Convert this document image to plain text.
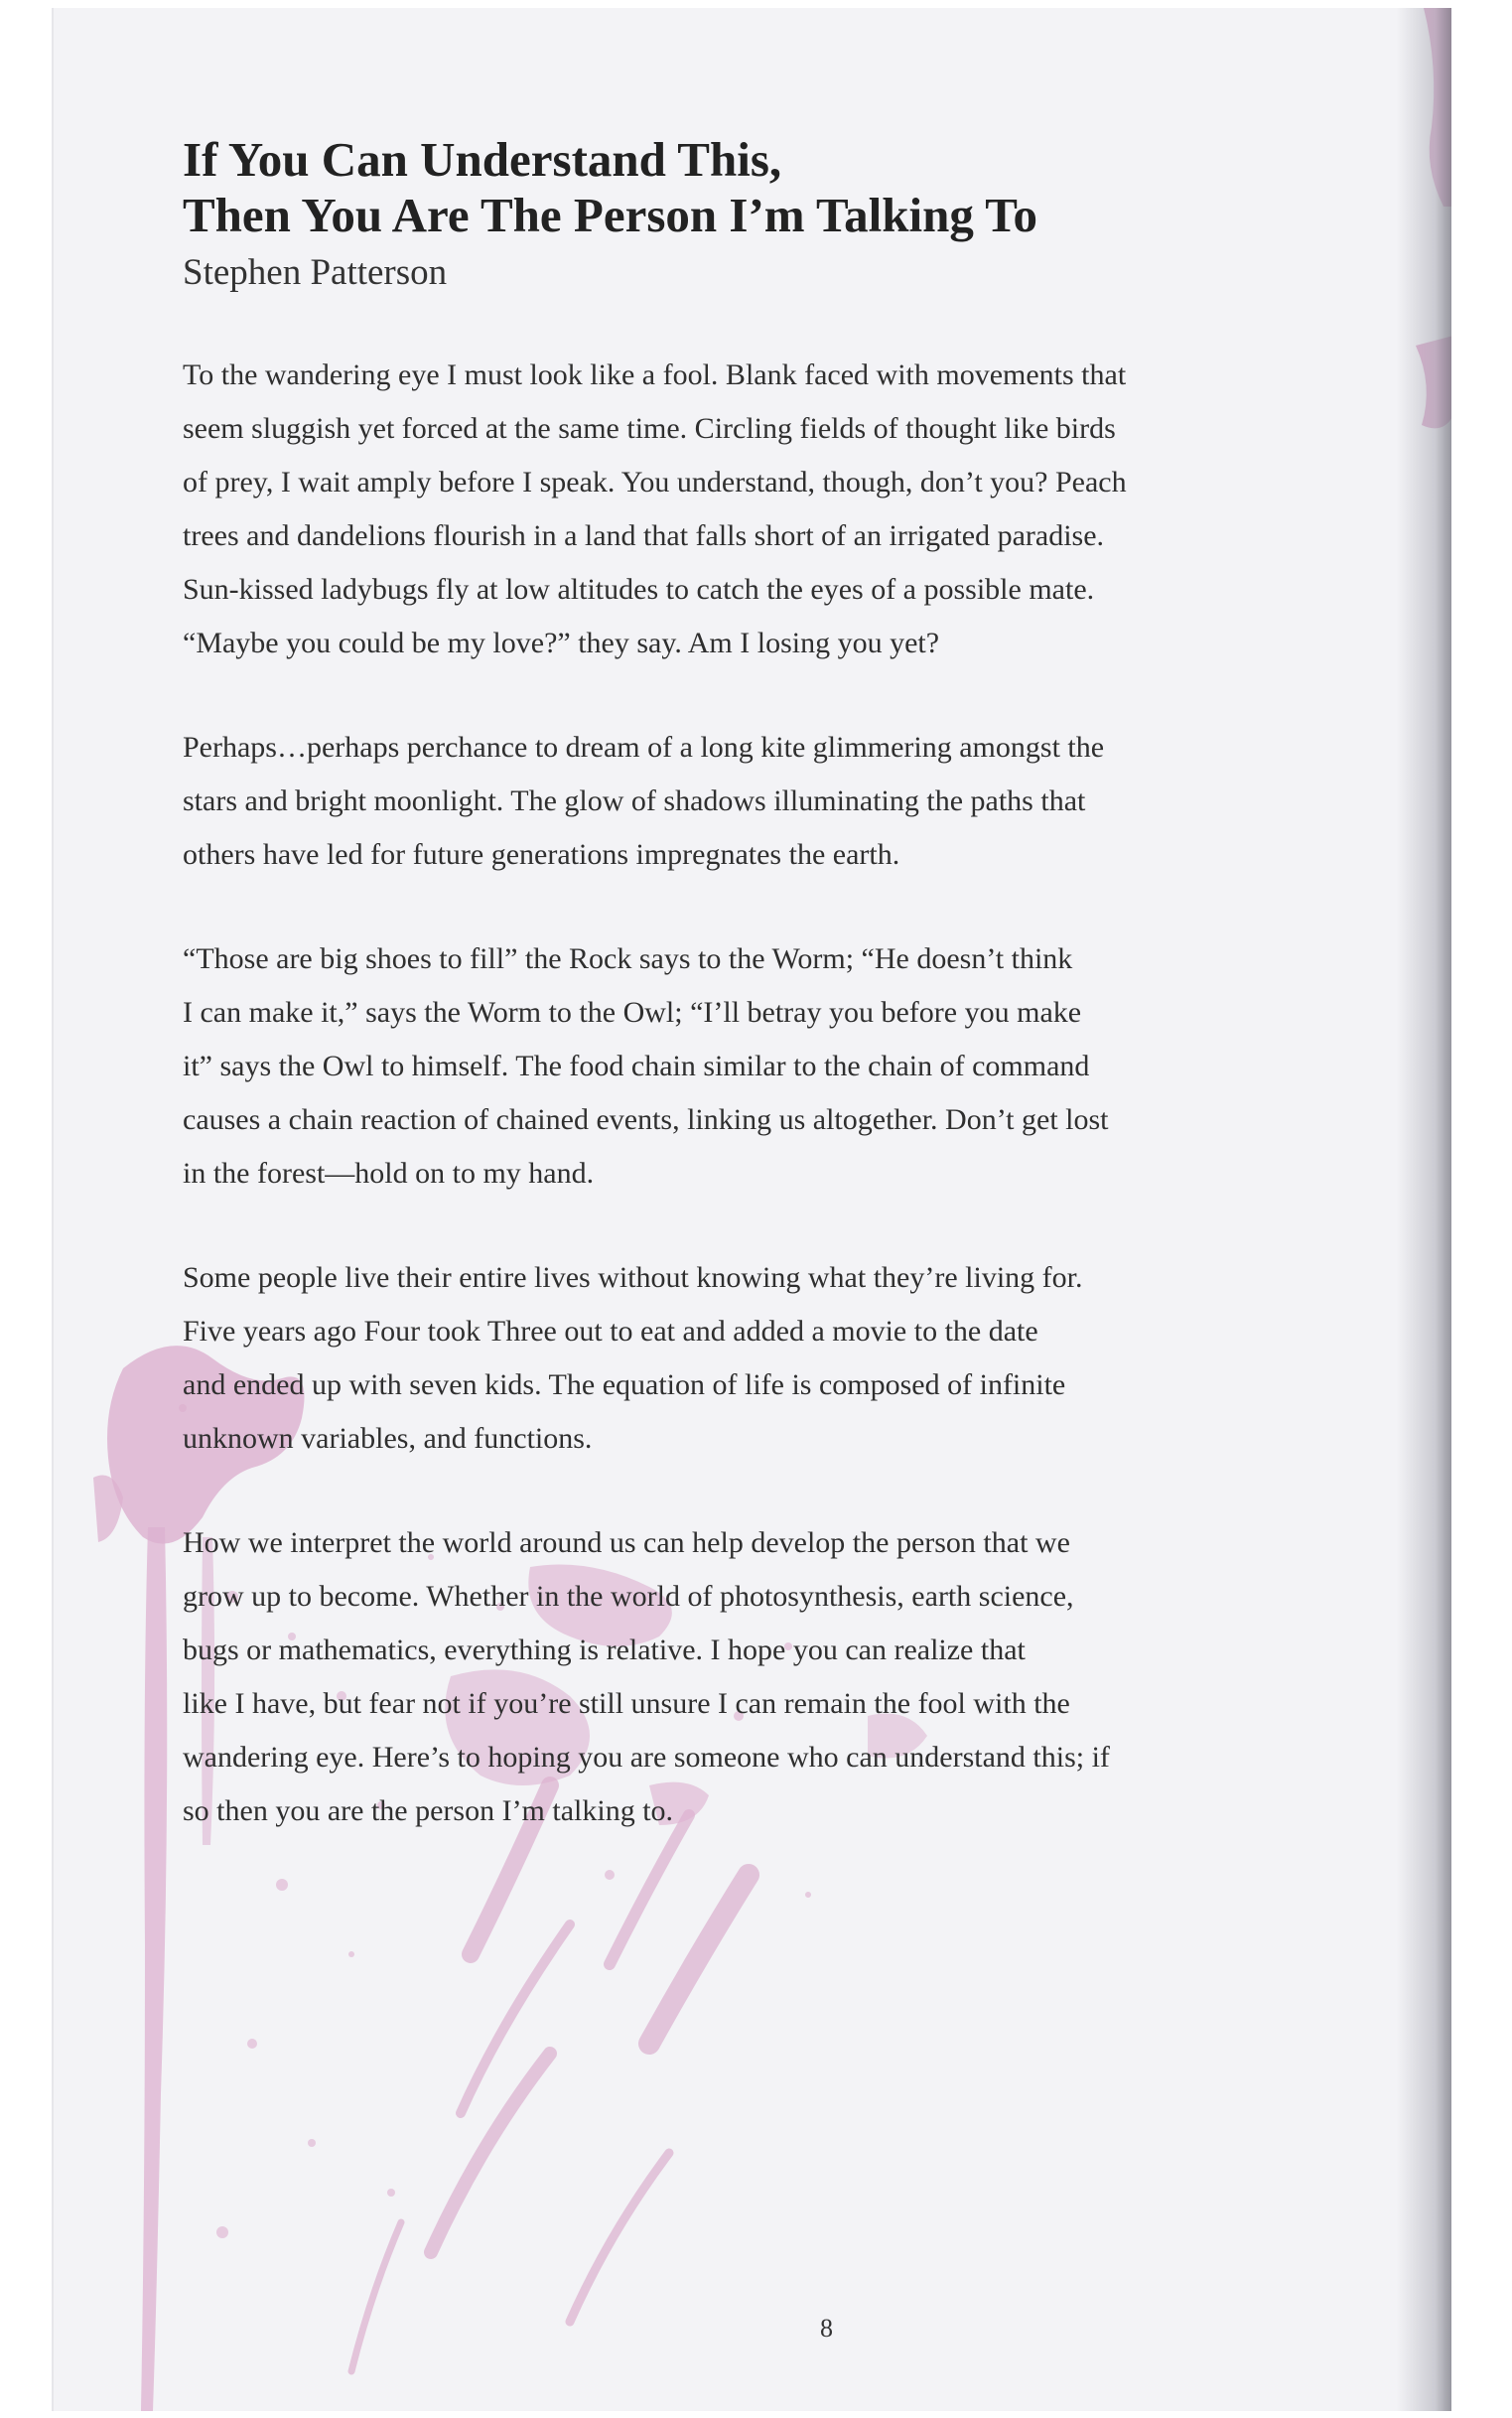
If You Can Understand This,
Then You Are The Person I’m Talking To
Stephen Patterson
To the wandering eye I must look like a fool. Blank faced with movements that
seem sluggish yet forced at the same time. Circling fields of thought like birds
of prey, I wait amply before I speak. You understand, though, don’t you? Peach
trees and dandelions flourish in a land that falls short of an irrigated paradise.
Sun-kissed ladybugs fly at low altitudes to catch the eyes of a possible mate.
“Maybe you could be my love?” they say. Am I losing you yet?
Perhaps…perhaps perchance to dream of a long kite glimmering amongst the
stars and bright moonlight. The glow of shadows illuminating the paths that
others have led for future generations impregnates the earth.
“Those are big shoes to fill” the Rock says to the Worm; “He doesn’t think
I can make it,” says the Worm to the Owl; “I’ll betray you before you make
it” says the Owl to himself. The food chain similar to the chain of command
causes a chain reaction of chained events, linking us altogether. Don’t get lost
in the forest—hold on to my hand.
Some people live their entire lives without knowing what they’re living for.
Five years ago Four took Three out to eat and added a movie to the date
and ended up with seven kids. The equation of life is composed of infinite
unknown variables, and functions.
How we interpret the world around us can help develop the person that we
grow up to become. Whether in the world of photosynthesis, earth science,
bugs or mathematics, everything is relative. I hope you can realize that
like I have, but fear not if you’re still unsure I can remain the fool with the
wandering eye. Here’s to hoping you are someone who can understand this; if
so then you are the person I’m talking to.
8
